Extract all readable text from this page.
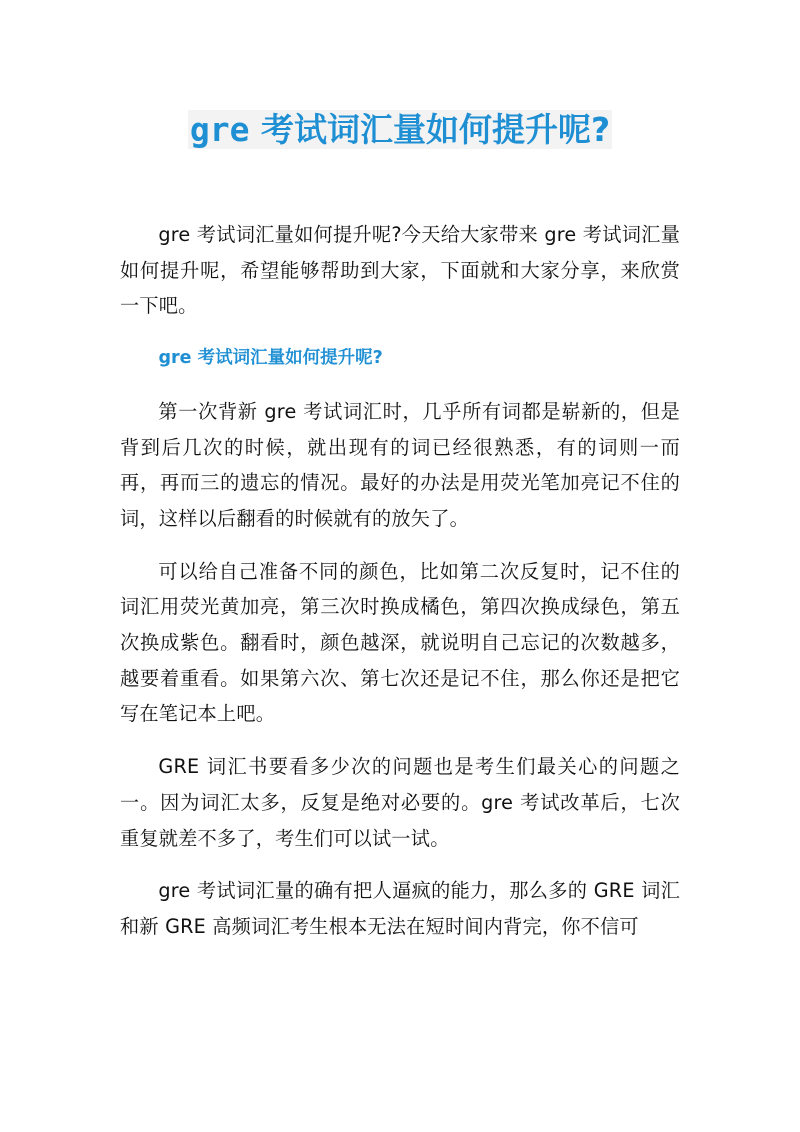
gre 考试词汇量如何提升呢?

gre 考试词汇量如何提升呢?今天给大家带来 gre 考试词汇量如何提升呢，希望能够帮助到大家，下面就和大家分享，来欣赏一下吧。

gre 考试词汇量如何提升呢?

第一次背新 gre 考试词汇时，几乎所有词都是崭新的，但是背到后几次的时候，就出现有的词已经很熟悉，有的词则一而再，再而三的遗忘的情况。最好的办法是用荧光笔加亮记不住的词，这样以后翻看的时候就有的放矢了。

可以给自己准备不同的颜色，比如第二次反复时，记不住的词汇用荧光黄加亮，第三次时换成橘色，第四次换成绿色，第五次换成紫色。翻看时，颜色越深，就说明自己忘记的次数越多，越要着重看。如果第六次、第七次还是记不住，那么你还是把它写在笔记本上吧。

GRE 词汇书要看多少次的问题也是考生们最关心的问题之一。因为词汇太多，反复是绝对必要的。gre 考试改革后，七次重复就差不多了，考生们可以试一试。

gre 考试词汇量的确有把人逼疯的能力，那么多的 GRE 词汇和新 GRE 高频词汇考生根本无法在短时间内背完，你不信可
